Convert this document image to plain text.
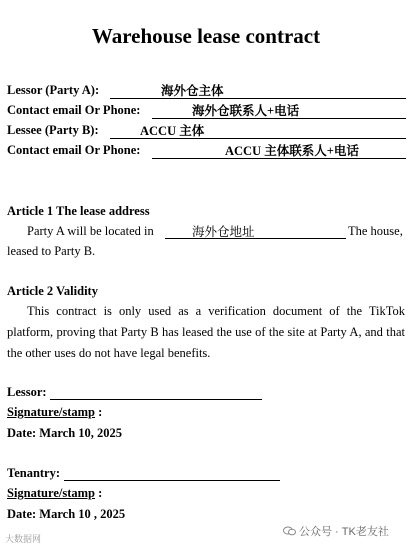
Warehouse lease contract
Lessor (Party A):	海外仓主体
Contact email Or Phone:	海外仓联系人+电话
Lessee (Party B):	ACCU 主体
Contact email Or Phone:	ACCU 主体联系人+电话
Article 1 The lease address
Party A will be located in	海外仓地址	The house,
leased to Party B.
Article 2 Validity
This contract is only used as a verification document of the TikTok platform, proving that Party B has leased the use of the site at Party A, and that the other uses do not have legal benefits.
Lessor:
Signature/stamp :
Date: March 10, 2025
Tenantry:
Signature/stamp :
Date: March 10 , 2025
公众号 · TK老友社
大数据网
